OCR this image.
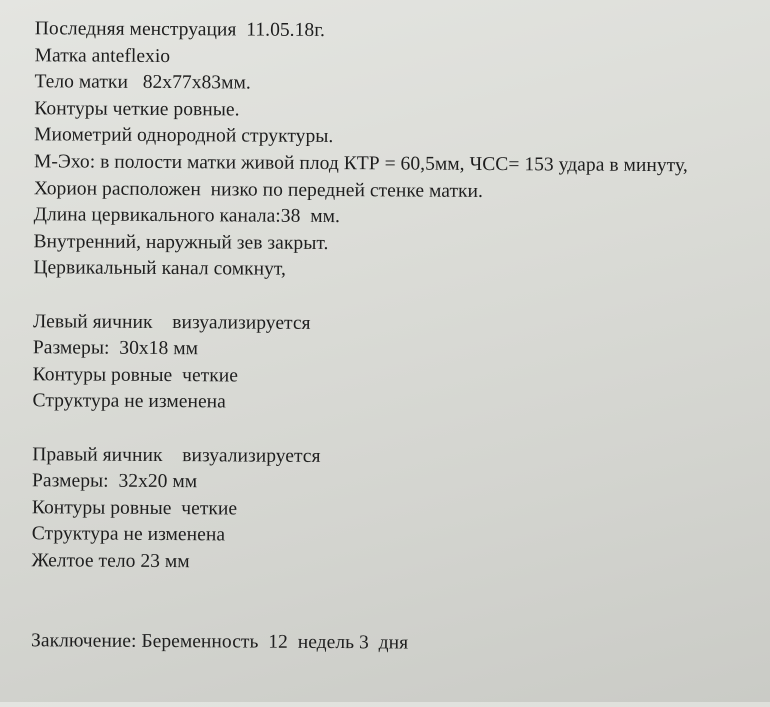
Последняя менструация  11.05.18г.
Матка anteflexio
Тело матки   82х77х83мм.
Контуры четкие ровные.
Миометрий однородной структуры.
М-Эхо: в полости матки живой плод КТР = 60,5мм, ЧСС= 153 удара в минуту,
Хорион расположен  низко по передней стенке матки.
Длина цервикального канала:38  мм.
Внутренний, наружный зев закрыт.
Цервикальный канал сомкнут,
Левый яичник    визуализируется
Размеры:  30х18 мм
Контуры ровные  четкие
Структура не изменена
Правый яичник    визуализируется
Размеры:  32х20 мм
Контуры ровные  четкие
Структура не изменена
Желтое тело 23 мм
Заключение: Беременность  12  недель 3  дня
